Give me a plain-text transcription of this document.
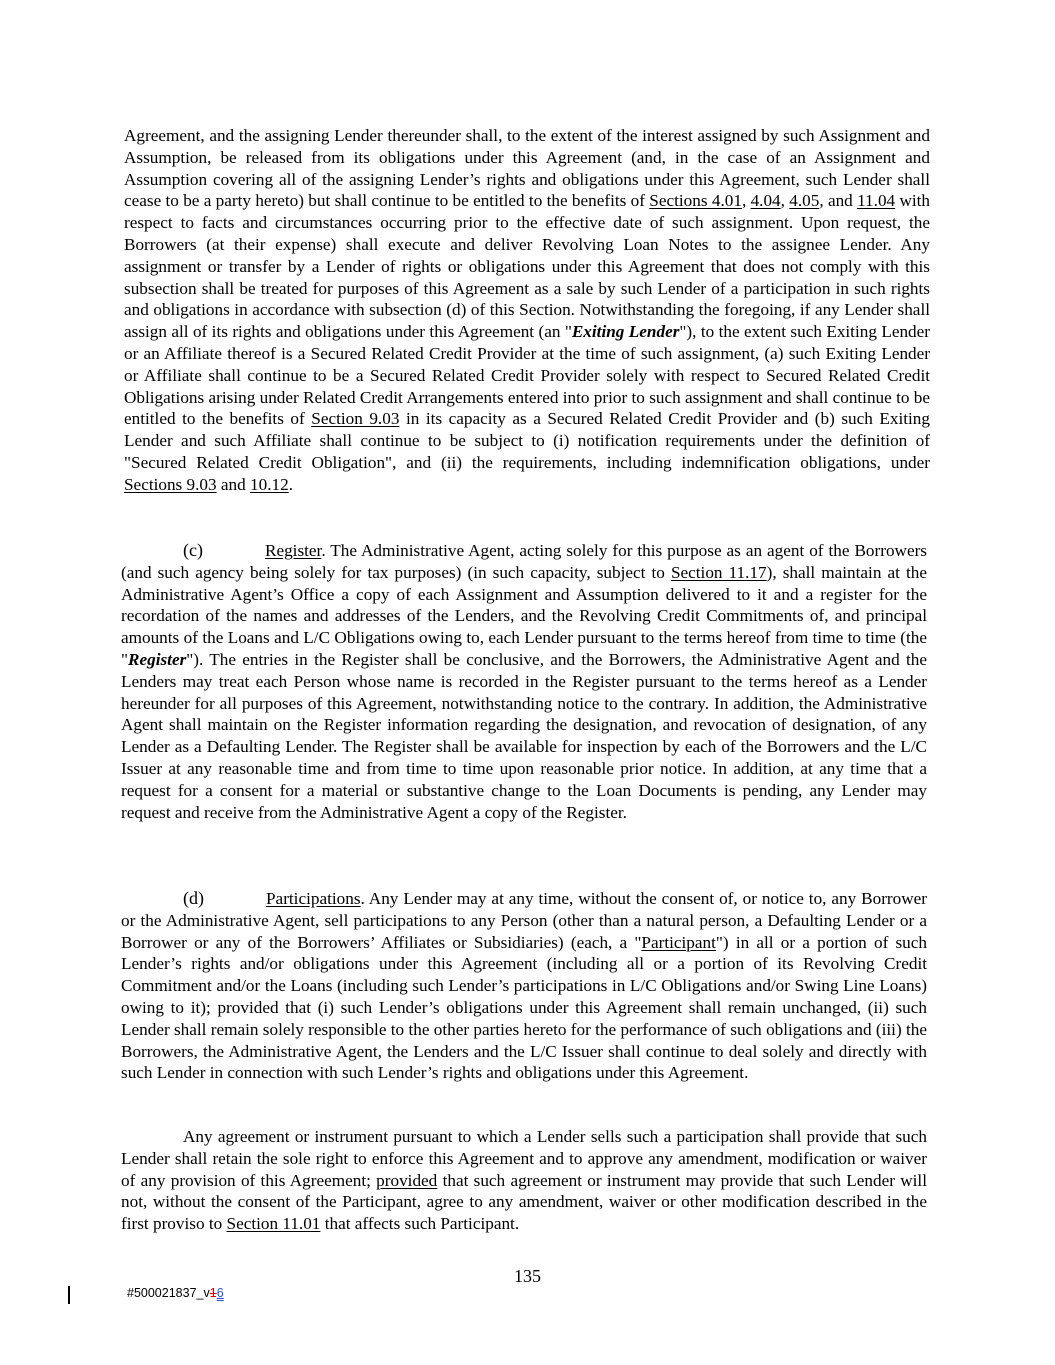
Agreement, and the assigning Lender thereunder shall, to the extent of the interest assigned by such Assignment and Assumption, be released from its obligations under this Agreement (and, in the case of an Assignment and Assumption covering all of the assigning Lender’s rights and obligations under this Agreement, such Lender shall cease to be a party hereto) but shall continue to be entitled to the benefits of Sections 4.01, 4.04, 4.05, and 11.04 with respect to facts and circumstances occurring prior to the effective date of such assignment. Upon request, the Borrowers (at their expense) shall execute and deliver Revolving Loan Notes to the assignee Lender. Any assignment or transfer by a Lender of rights or obligations under this Agreement that does not comply with this subsection shall be treated for purposes of this Agreement as a sale by such Lender of a participation in such rights and obligations in accordance with subsection (d) of this Section. Notwithstanding the foregoing, if any Lender shall assign all of its rights and obligations under this Agreement (an "Exiting Lender"), to the extent such Exiting Lender or an Affiliate thereof is a Secured Related Credit Provider at the time of such assignment, (a) such Exiting Lender or Affiliate shall continue to be a Secured Related Credit Provider solely with respect to Secured Related Credit Obligations arising under Related Credit Arrangements entered into prior to such assignment and shall continue to be entitled to the benefits of Section 9.03 in its capacity as a Secured Related Credit Provider and (b) such Exiting Lender and such Affiliate shall continue to be subject to (i) notification requirements under the definition of "Secured Related Credit Obligation", and (ii) the requirements, including indemnification obligations, under Sections 9.03 and 10.12.
(c)	Register. The Administrative Agent, acting solely for this purpose as an agent of the Borrowers (and such agency being solely for tax purposes) (in such capacity, subject to Section 11.17), shall maintain at the Administrative Agent’s Office a copy of each Assignment and Assumption delivered to it and a register for the recordation of the names and addresses of the Lenders, and the Revolving Credit Commitments of, and principal amounts of the Loans and L/C Obligations owing to, each Lender pursuant to the terms hereof from time to time (the "Register"). The entries in the Register shall be conclusive, and the Borrowers, the Administrative Agent and the Lenders may treat each Person whose name is recorded in the Register pursuant to the terms hereof as a Lender hereunder for all purposes of this Agreement, notwithstanding notice to the contrary. In addition, the Administrative Agent shall maintain on the Register information regarding the designation, and revocation of designation, of any Lender as a Defaulting Lender. The Register shall be available for inspection by each of the Borrowers and the L/C Issuer at any reasonable time and from time to time upon reasonable prior notice. In addition, at any time that a request for a consent for a material or substantive change to the Loan Documents is pending, any Lender may request and receive from the Administrative Agent a copy of the Register.
(d)	Participations. Any Lender may at any time, without the consent of, or notice to, any Borrower or the Administrative Agent, sell participations to any Person (other than a natural person, a Defaulting Lender or a Borrower or any of the Borrowers’ Affiliates or Subsidiaries) (each, a "Participant") in all or a portion of such Lender’s rights and/or obligations under this Agreement (including all or a portion of its Revolving Credit Commitment and/or the Loans (including such Lender’s participations in L/C Obligations and/or Swing Line Loans) owing to it); provided that (i) such Lender’s obligations under this Agreement shall remain unchanged, (ii) such Lender shall remain solely responsible to the other parties hereto for the performance of such obligations and (iii) the Borrowers, the Administrative Agent, the Lenders and the L/C Issuer shall continue to deal solely and directly with such Lender in connection with such Lender’s rights and obligations under this Agreement.
Any agreement or instrument pursuant to which a Lender sells such a participation shall provide that such Lender shall retain the sole right to enforce this Agreement and to approve any amendment, modification or waiver of any provision of this Agreement; provided that such agreement or instrument may provide that such Lender will not, without the consent of the Participant, agree to any amendment, waiver or other modification described in the first proviso to Section 11.01 that affects such Participant.
135
#500021837_v16
